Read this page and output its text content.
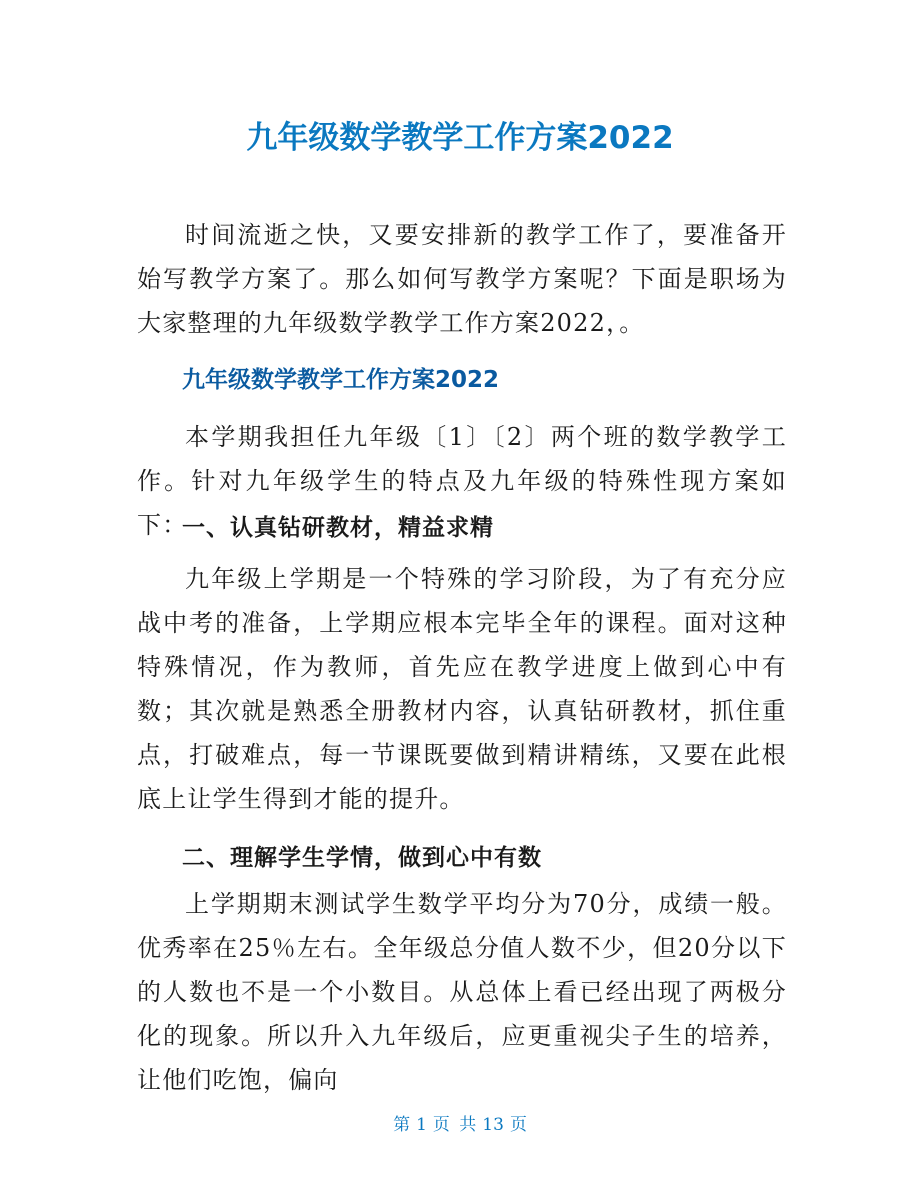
九年级数学教学工作方案2022

时间流逝之快，又要安排新的教学工作了，要准备开始写教学方案了。那么如何写教学方案呢？下面是职场为大家整理的九年级数学教学工作方案2022，。

九年级数学教学工作方案2022

本学期我担任九年级〔1〕〔2〕两个班的数学教学工作。针对九年级学生的特点及九年级的特殊性现方案如下：

一、认真钻研教材，精益求精

九年级上学期是一个特殊的学习阶段，为了有充分应战中考的准备，上学期应根本完毕全年的课程。面对这种特殊情况，作为教师，首先应在教学进度上做到心中有数；其次就是熟悉全册教材内容，认真钻研教材，抓住重点，打破难点，每一节课既要做到精讲精练，又要在此根底上让学生得到才能的提升。

二、理解学生学情，做到心中有数

上学期期末测试学生数学平均分为70分，成绩一般。优秀率在25％左右。全年级总分值人数不少，但20分以下的人数也不是一个小数目。从总体上看已经出现了两极分化的现象。所以升入九年级后，应更重视尖子生的培养，让他们吃饱，偏向

第 1 页 共 13 页
